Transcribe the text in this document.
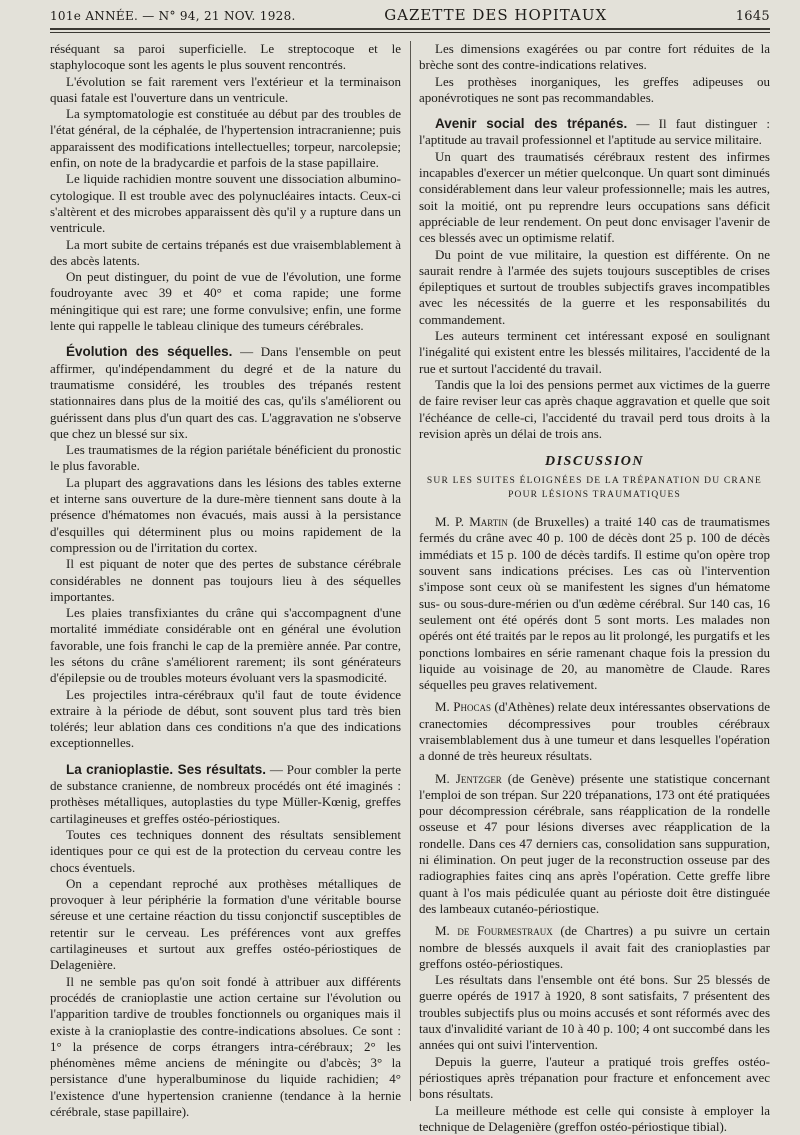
101e ANNÉE. — N° 94, 21 NOV. 1928.	GAZETTE DES HOPITAUX	1645

réséquant sa paroi superficielle. Le streptocoque et le staphylocoque sont les agents le plus souvent rencontrés.

L'évolution se fait rarement vers l'extérieur et la terminaison quasi fatale est l'ouverture dans un ventricule.

La symptomatologie est constituée au début par des troubles de l'état général, de la céphalée, de l'hypertension intracranienne; puis apparaissent des modifications intellectuelles; torpeur, narcolepsie; enfin, on note de la bradycardie et parfois de la stase papillaire.

Le liquide rachidien montre souvent une dissociation albumino-cytologique. Il est trouble avec des polynucléaires intacts. Ceux-ci s'altèrent et des microbes apparaissent dès qu'il y a rupture dans un ventricule.

La mort subite de certains trépanés est due vraisemblablement à des abcès latents.

On peut distinguer, du point de vue de l'évolution, une forme foudroyante avec 39 et 40° et coma rapide; une forme méningitique qui est rare; une forme convulsive; enfin, une forme lente qui rappelle le tableau clinique des tumeurs cérébrales.

Évolution des séquelles. — Dans l'ensemble on peut affirmer, qu'indépendamment du degré et de la nature du traumatisme considéré, les troubles des trépanés restent stationnaires dans plus de la moitié des cas, qu'ils s'améliorent ou guérissent dans plus d'un quart des cas. L'aggravation ne s'observe que chez un blessé sur six.

Les traumatismes de la région pariétale bénéficient du pronostic le plus favorable.

La plupart des aggravations dans les lésions des tables externe et interne sans ouverture de la dure-mère tiennent sans doute à la présence d'hématomes non évacués, mais aussi à la persistance d'esquilles qui déterminent plus ou moins rapidement de la compression ou de l'irritation du cortex.

Il est piquant de noter que des pertes de substance cérébrale considérables ne donnent pas toujours lieu à des séquelles importantes.

Les plaies transfixiantes du crâne qui s'accompagnent d'une mortalité immédiate considérable ont en général une évolution favorable, une fois franchi le cap de la première année. Par contre, les sétons du crâne s'améliorent rarement; ils sont générateurs d'épilepsie ou de troubles moteurs évoluant vers la spasmodicité.

Les projectiles intra-cérébraux qu'il faut de toute évidence extraire à la période de début, sont souvent plus tard très bien tolérés; leur ablation dans ces conditions n'a que des indications exceptionnelles.

La cranioplastie. Ses résultats. — Pour combler la perte de substance cranienne, de nombreux procédés ont été imaginés : prothèses métalliques, autoplasties du type Müller-Kœnig, greffes cartilagineuses et greffes ostéo-périostiques.

Toutes ces techniques donnent des résultats sensiblement identiques pour ce qui est de la protection du cerveau contre les chocs éventuels.

On a cependant reproché aux prothèses métalliques de provoquer à leur périphérie la formation d'une véritable bourse séreuse et une certaine réaction du tissu conjonctif susceptibles de retentir sur le cerveau. Les préférences vont aux greffes cartilagineuses et surtout aux greffes ostéo-périostiques de Delagenière.

Il ne semble pas qu'on soit fondé à attribuer aux différents procédés de cranioplastie une action certaine sur l'évolution ou l'apparition tardive de troubles fonctionnels ou organiques mais il existe à la cranioplastie des contre-indications absolues. Ce sont : 1° la présence de corps étrangers intra-cérébraux; 2° les phénomènes même anciens de méningite ou d'abcès; 3° la persistance d'une hyperalbuminose du liquide rachidien; 4° l'existence d'une hypertension cranienne (tendance à la hernie cérébrale, stase papillaire).

Les dimensions exagérées ou par contre fort réduites de la brèche sont des contre-indications relatives.

Les prothèses inorganiques, les greffes adipeuses ou aponévrotiques ne sont pas recommandables.

Avenir social des trépanés. — Il faut distinguer : l'aptitude au travail professionnel et l'aptitude au service militaire.

Un quart des traumatisés cérébraux restent des infirmes incapables d'exercer un métier quelconque. Un quart sont diminués considérablement dans leur valeur professionnelle; mais les autres, soit la moitié, ont pu reprendre leurs occupations sans déficit appréciable de leur rendement. On peut donc envisager l'avenir de ces blessés avec un optimisme relatif.

Du point de vue militaire, la question est différente. On ne saurait rendre à l'armée des sujets toujours susceptibles de crises épileptiques et surtout de troubles subjectifs graves incompatibles avec les nécessités de la guerre et les responsabilités du commandement.

Les auteurs terminent cet intéressant exposé en soulignant l'inégalité qui existent entre les blessés militaires, l'accidenté de la rue et surtout l'accidenté du travail.

Tandis que la loi des pensions permet aux victimes de la guerre de faire reviser leur cas après chaque aggravation et quelle que soit l'échéance de celle-ci, l'accidenté du travail perd tous droits à la revision après un délai de trois ans.

DISCUSSION
SUR LES SUITES ÉLOIGNÉES DE LA TRÉPANATION DU CRANE
POUR LÉSIONS TRAUMATIQUES

M. P. Martin (de Bruxelles) a traité 140 cas de traumatismes fermés du crâne avec 40 p. 100 de décès dont 25 p. 100 de décès immédiats et 15 p. 100 de décès tardifs. Il estime qu'on opère trop souvent sans indications précises. Les cas où l'intervention s'impose sont ceux où se manifestent les signes d'un hématome sus- ou sous-dure-mérien ou d'un œdème cérébral. Sur 140 cas, 16 seulement ont été opérés dont 5 sont morts. Les malades non opérés ont été traités par le repos au lit prolongé, les purgatifs et les ponctions lombaires en série ramenant chaque fois la pression du liquide au voisinage de 20, au manomètre de Claude. Rares séquelles peu graves relativement.

M. Phocas (d'Athènes) relate deux intéressantes observations de cranectomies décompressives pour troubles cérébraux vraisemblablement dus à une tumeur et dans lesquelles l'opération a donné de très heureux résultats.

M. Jentzger (de Genève) présente une statistique concernant l'emploi de son trépan. Sur 220 trépanations, 173 ont été pratiquées pour décompression cérébrale, sans réapplication de la rondelle osseuse et 47 pour lésions diverses avec réapplication de la rondelle. Dans ces 47 derniers cas, consolidation sans suppuration, ni élimination. On peut juger de la reconstruction osseuse par des radiographies faites cinq ans après l'opération. Cette greffe libre quant à l'os mais pédiculée quant au périoste doit être distinguée des lambeaux cutanéo-périostique.

M. de Fourmestraux (de Chartres) a pu suivre un certain nombre de blessés auxquels il avait fait des cranioplasties par greffons ostéo-périostiques.

Les résultats dans l'ensemble ont été bons. Sur 25 blessés de guerre opérés de 1917 à 1920, 8 sont satisfaits, 7 présentent des troubles subjectifs plus ou moins accusés et sont réformés avec des taux d'invalidité variant de 10 à 40 p. 100; 4 ont succombé dans les années qui ont suivi l'intervention.

Depuis la guerre, l'auteur a pratiqué trois greffes ostéo-périostiques après trépanation pour fracture et enfoncement avec bons résultats.

La meilleure méthode est celle qui consiste à employer la technique de Delagenière (greffon ostéo-périostique tibial).
